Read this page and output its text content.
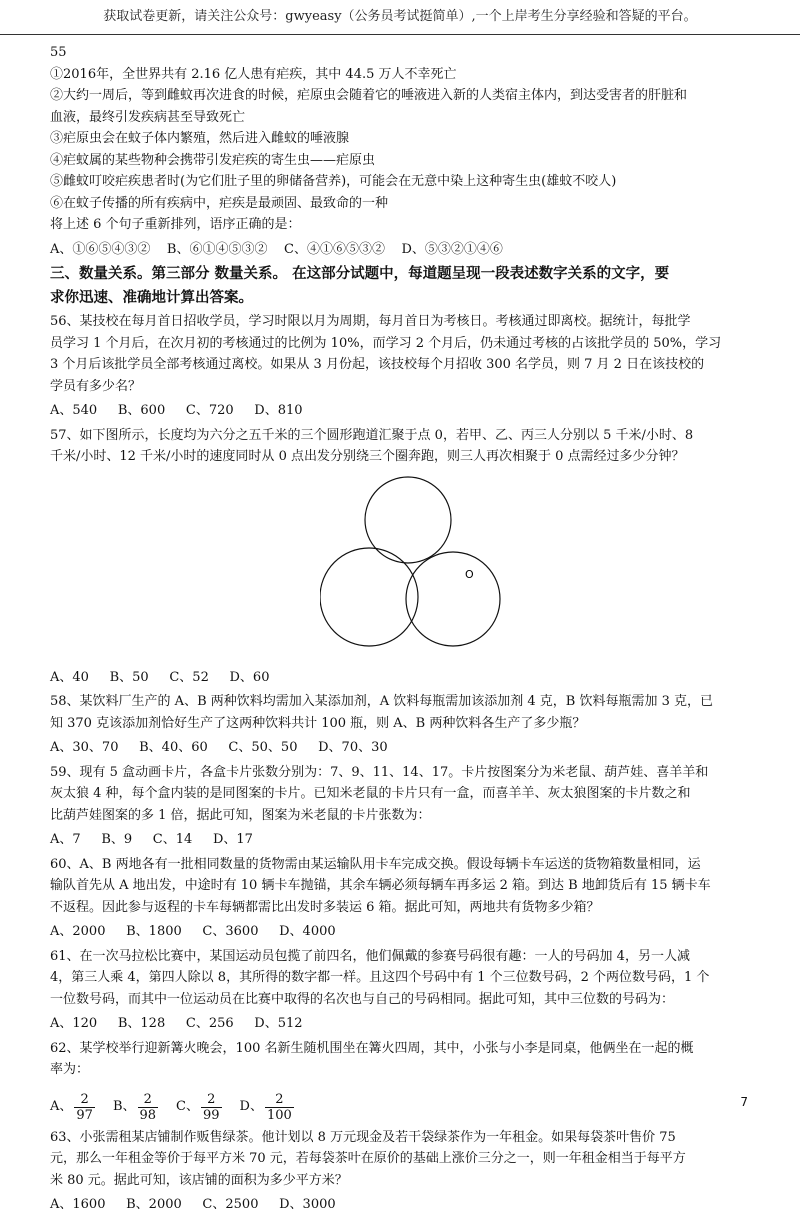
获取试卷更新，请关注公众号：gwyeasy（公务员考试挺简单）,一个上岸考生分享经验和答疑的平台。
55
①2016年，全世界共有 2.16 亿人患有疟疾，其中 44.5 万人不幸死亡
②大约一周后，等到雌蚊再次进食的时候，疟原虫会随着它的唾液进入新的人类宿主体内，到达受害者的肝脏和
血液，最终引发疾病甚至导致死亡
③疟原虫会在蚊子体内繁殖，然后进入雌蚊的唾液腺
④疟蚊属的某些物种会携带引发疟疾的寄生虫——疟原虫
⑤雌蚊叮咬疟疾患者时(为它们肚子里的卵储备营养)，可能会在无意中染上这种寄生虫(雄蚊不咬人)
⑥在蚊子传播的所有疾病中，疟疾是最顽固、最致命的一种
将上述 6 个句子重新排列，语序正确的是：
A、①⑥⑤④③②    B、⑥①④⑤③②    C、④①⑥⑤③②    D、⑤③②①④⑥
三、数量关系。第三部分 数量关系。 在这部分试题中，每道题呈现一段表述数字关系的文字，要
求你迅速、准确地计算出答案。
56、某技校在每月首日招收学员，学习时限以月为周期，每月首日为考核日。考核通过即离校。据统计，每批学
员学习 1 个月后，在次月初的考核通过的比例为 10%，而学习 2 个月后，仍未通过考核的占该批学员的 50%，学习
3 个月后该批学员全部考核通过离校。如果从 3 月份起，该技校每个月招收 300 名学员，则 7 月 2 日在该技校的
学员有多少名？
A、540     B、600     C、720     D、810
57、如下图所示，长度均为六分之五千米的三个圆形跑道汇聚于点 0，若甲、乙、丙三人分别以 5 千米/小时、8
千米/小时、12 千米/小时的速度同时从 0 点出发分别绕三个圈奔跑，则三人再次相聚于 0 点需经过多少分钟？
O
A、40     B、50     C、52     D、60
58、某饮料厂生产的 A、B 两种饮料均需加入某添加剂，A 饮料每瓶需加该添加剂 4 克，B 饮料每瓶需加 3 克，已
知 370 克该添加剂恰好生产了这两种饮料共计 100 瓶，则 A、B 两种饮料各生产了多少瓶？
A、30、70     B、40、60     C、50、50     D、70、30
59、现有 5 盒动画卡片，各盒卡片张数分别为：7、9、11、14、17。卡片按图案分为米老鼠、葫芦娃、喜羊羊和
灰太狼 4 种，每个盒内装的是同图案的卡片。已知米老鼠的卡片只有一盒，而喜羊羊、灰太狼图案的卡片数之和
比葫芦娃图案的多 1 倍，据此可知，图案为米老鼠的卡片张数为：
A、7     B、9     C、14     D、17
60、A、B 两地各有一批相同数量的货物需由某运输队用卡车完成交换。假设每辆卡车运送的货物箱数量相同，运
输队首先从 A 地出发，中途时有 10 辆卡车抛锚，其余车辆必须每辆车再多运 2 箱。到达 B 地卸货后有 15 辆卡车
不返程。因此参与返程的卡车每辆都需比出发时多装运 6 箱。据此可知，两地共有货物多少箱？
A、2000     B、1800     C、3600     D、4000
61、在一次马拉松比赛中，某国运动员包揽了前四名，他们佩戴的参赛号码很有趣：一人的号码加 4，另一人减
4，第三人乘 4，第四人除以 8，其所得的数字都一样。且这四个号码中有 1 个三位数号码，2 个两位数号码，1 个
一位数号码，而其中一位运动员在比赛中取得的名次也与自己的号码相同。据此可知，其中三位数的号码为：
A、120     B、128     C、256     D、512
62、某学校举行迎新篝火晚会，100 名新生随机围坐在篝火四周，其中，小张与小李是同桌，他俩坐在一起的概
率为：
A、 $\frac{2}{97}$ B、 $\frac{2}{98}$ C、 $\frac{2}{99}$ D、 $\frac{2}{100}$
63、小张需租某店铺制作贩售绿茶。他计划以 8 万元现金及若干袋绿茶作为一年租金。如果每袋茶叶售价 75
元，那么一年租金等价于每平方米 70 元，若每袋茶叶在原价的基础上涨价三分之一，则一年租金相当于每平方
米 80 元。据此可知，该店铺的面积为多少平方米？
A、1600     B、2000     C、2500     D、3000
7
